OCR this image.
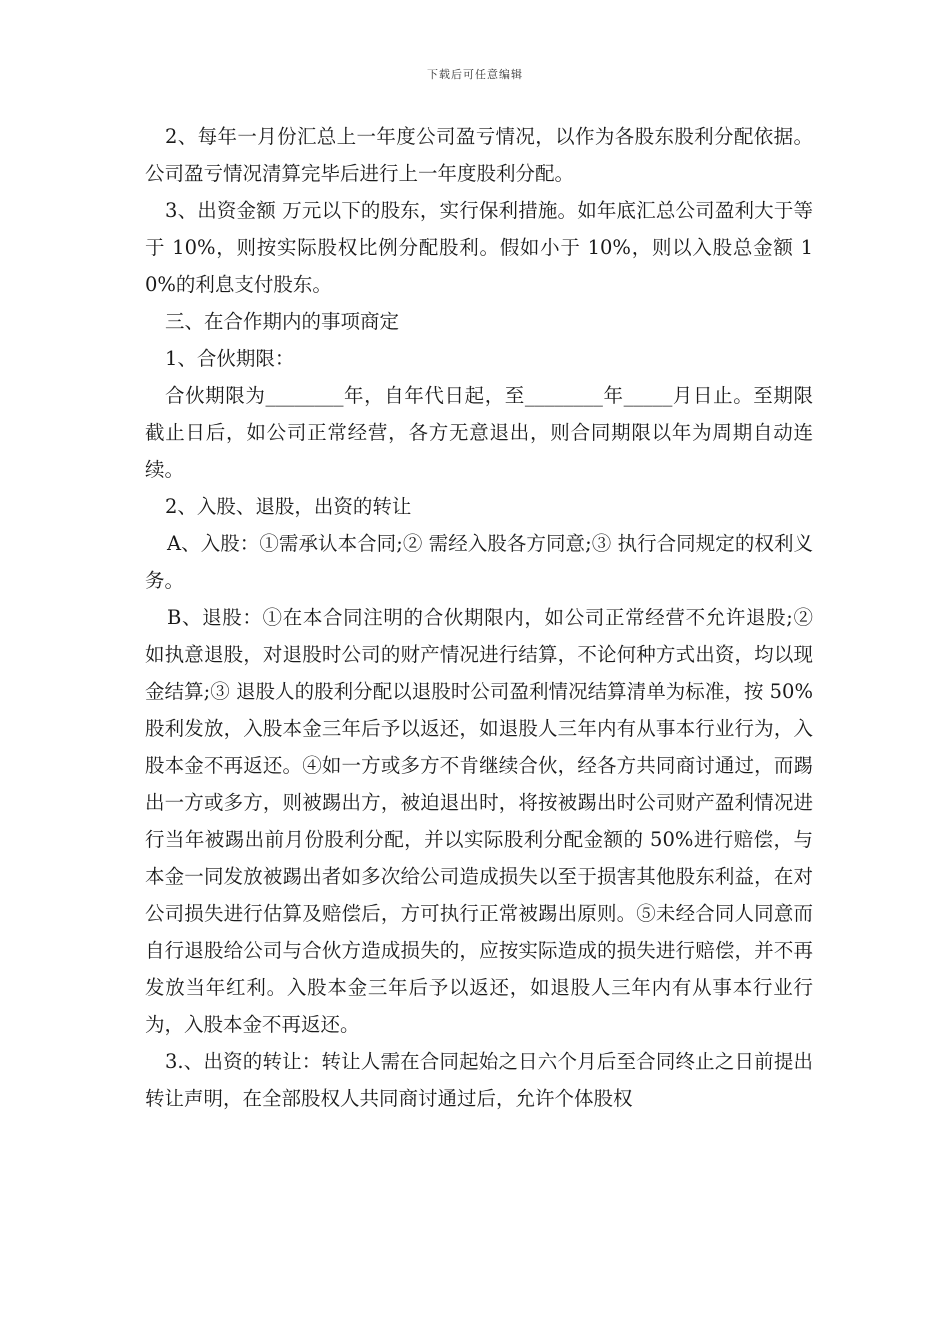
下载后可任意编辑

2、每年一月份汇总上一年度公司盈亏情况，以作为各股东股利分配依据。公司盈亏情况清算完毕后进行上一年度股利分配。

3、出资金额 万元以下的股东，实行保利措施。如年底汇总公司盈利大于等于 10%，则按实际股权比例分配股利。假如小于 10%，则以入股总金额 10%的利息支付股东。

三、在合作期内的事项商定

1、合伙期限：

合伙期限为________年，自年代日起，至________年_____月日止。至期限截止日后，如公司正常经营，各方无意退出，则合同期限以年为周期自动连续。

2、入股、退股，出资的转让

A、入股：①需承认本合同;② 需经入股各方同意;③ 执行合同规定的权利义务。

B、退股：①在本合同注明的合伙期限内，如公司正常经营不允许退股;② 如执意退股，对退股时公司的财产情况进行结算，不论何种方式出资，均以现金结算;③ 退股人的股利分配以退股时公司盈利情况结算清单为标准，按 50%股利发放，入股本金三年后予以返还，如退股人三年内有从事本行业行为，入股本金不再返还。④如一方或多方不肯继续合伙，经各方共同商讨通过，而踢出一方或多方，则被踢出方，被迫退出时，将按被踢出时公司财产盈利情况进行当年被踢出前月份股利分配，并以实际股利分配金额的 50%进行赔偿，与本金一同发放被踢出者如多次给公司造成损失以至于损害其他股东利益，在对公司损失进行估算及赔偿后，方可执行正常被踢出原则。⑤未经合同人同意而自行退股给公司与合伙方造成损失的，应按实际造成的损失进行赔偿，并不再发放当年红利。入股本金三年后予以返还，如退股人三年内有从事本行业行为，入股本金不再返还。

3.、出资的转让：转让人需在合同起始之日六个月后至合同终止之日前提出转让声明，在全部股权人共同商讨通过后，允许个体股权
